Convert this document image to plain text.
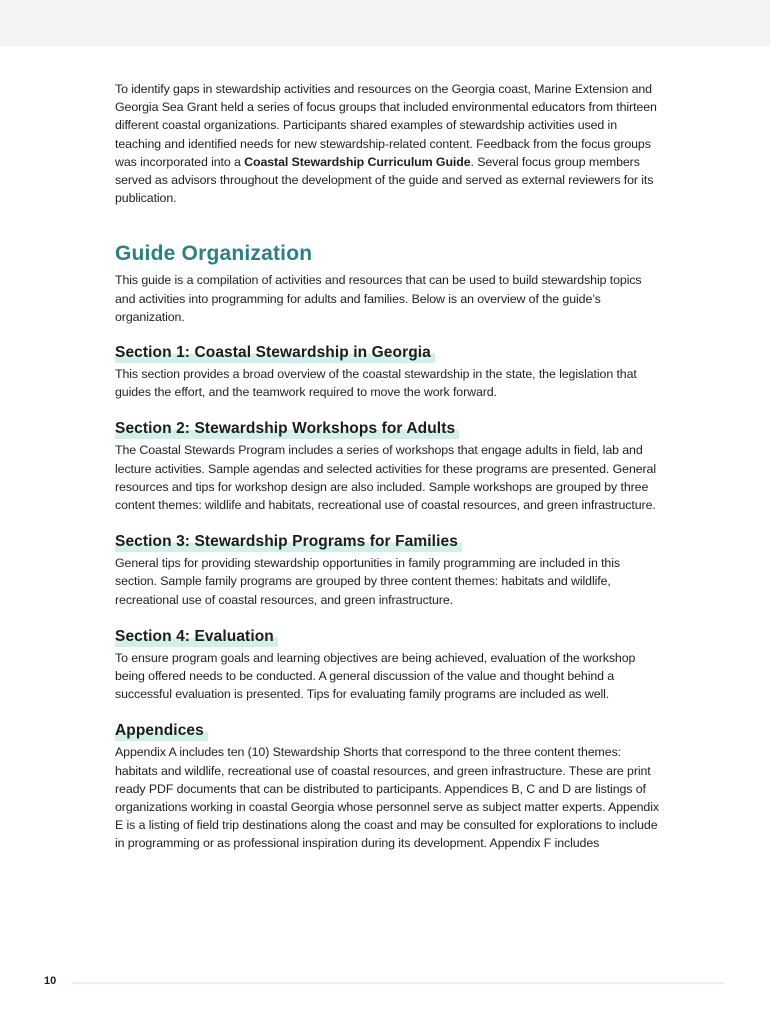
To identify gaps in stewardship activities and resources on the Georgia coast, Marine Extension and Georgia Sea Grant held a series of focus groups that included environmental educators from thirteen different coastal organizations. Participants shared examples of stewardship activities used in teaching and identified needs for new stewardship-related content. Feedback from the focus groups was incorporated into a Coastal Stewardship Curriculum Guide. Several focus group members served as advisors throughout the development of the guide and served as external reviewers for its publication.

Guide Organization

This guide is a compilation of activities and resources that can be used to build stewardship topics and activities into programming for adults and families. Below is an overview of the guide’s organization.

Section 1: Coastal Stewardship in Georgia

This section provides a broad overview of the coastal stewardship in the state, the legislation that guides the effort, and the teamwork required to move the work forward.

Section 2: Stewardship Workshops for Adults

The Coastal Stewards Program includes a series of workshops that engage adults in field, lab and lecture activities. Sample agendas and selected activities for these programs are presented. General resources and tips for workshop design are also included. Sample workshops are grouped by three content themes: wildlife and habitats, recreational use of coastal resources, and green infrastructure.

Section 3: Stewardship Programs for Families

General tips for providing stewardship opportunities in family programming are included in this section. Sample family programs are grouped by three content themes: habitats and wildlife, recreational use of coastal resources, and green infrastructure.

Section 4: Evaluation

To ensure program goals and learning objectives are being achieved, evaluation of the workshop being offered needs to be conducted. A general discussion of the value and thought behind a successful evaluation is presented. Tips for evaluating family programs are included as well.

Appendices

Appendix A includes ten (10) Stewardship Shorts that correspond to the three content themes: habitats and wildlife, recreational use of coastal resources, and green infrastructure. These are print ready PDF documents that can be distributed to participants. Appendices B, C and D are listings of organizations working in coastal Georgia whose personnel serve as subject matter experts. Appendix E is a listing of field trip destinations along the coast and may be consulted for explorations to include in programming or as professional inspiration during its development. Appendix F includes

10
